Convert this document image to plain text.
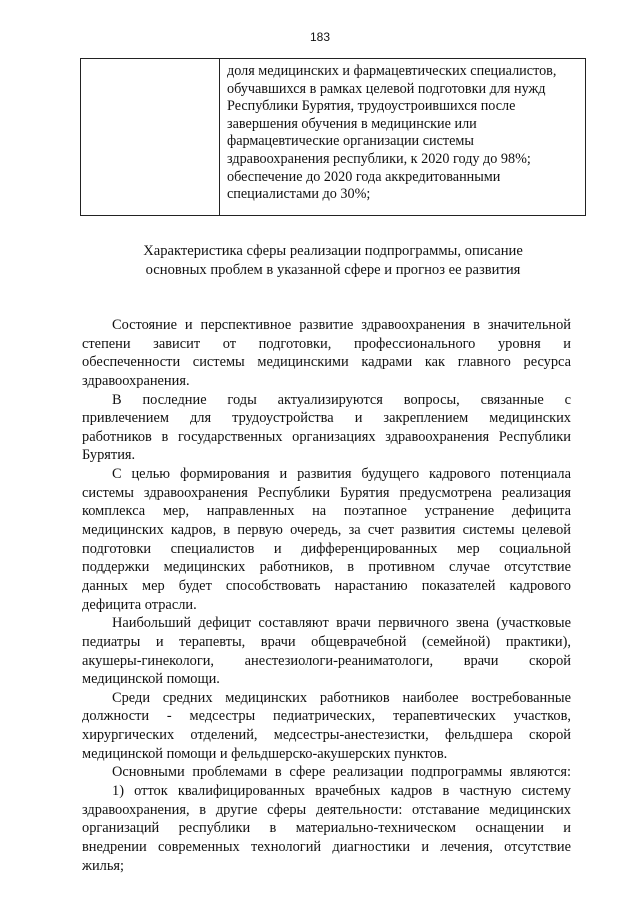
183

доля медицинских и фармацевтических специалистов,
обучавшихся в рамках целевой подготовки для нужд
Республики Бурятия, трудоустроившихся после
завершения обучения в медицинские или
фармацевтические организации системы
здравоохранения республики, к 2020 году до 98%;
обеспечение до 2020 года аккредитованными
специалистами до 30%;
Характеристика сферы реализации подпрограммы, описание
основных проблем в указанной сфере и прогноз ее развития
Состояние и перспективное развитие здравоохранения в значительной
степени зависит от подготовки, профессионального уровня и
обеспеченности системы медицинскими кадрами как главного ресурса
здравоохранения.
В последние годы актуализируются вопросы, связанные с
привлечением для трудоустройства и закреплением медицинских
работников в государственных организациях здравоохранения Республики
Бурятия.
С целью формирования и развития будущего кадрового потенциала
системы здравоохранения Республики Бурятия предусмотрена реализация
комплекса мер, направленных на поэтапное устранение дефицита
медицинских кадров, в первую очередь, за счет развития системы целевой
подготовки специалистов и дифференцированных мер социальной
поддержки медицинских работников, в противном случае отсутствие
данных мер будет способствовать нарастанию показателей кадрового
дефицита отрасли.
Наибольший дефицит составляют врачи первичного звена (участковые
педиатры и терапевты, врачи общеврачебной (семейной) практики),
акушеры-гинекологи, анестезиологи-реаниматологи, врачи скорой
медицинской помощи.
Среди средних медицинских работников наиболее востребованные
должности - медсестры педиатрических, терапевтических участков,
хирургических отделений, медсестры-анестезистки, фельдшера скорой
медицинской помощи и фельдшерско-акушерских пунктов.
Основными проблемами в сфере реализации подпрограммы являются:
1) отток квалифицированных врачебных кадров в частную систему
здравоохранения, в другие сферы деятельности: отставание медицинских
организаций республики в материально-техническом оснащении и
внедрении современных технологий диагностики и лечения, отсутствие
жилья;
